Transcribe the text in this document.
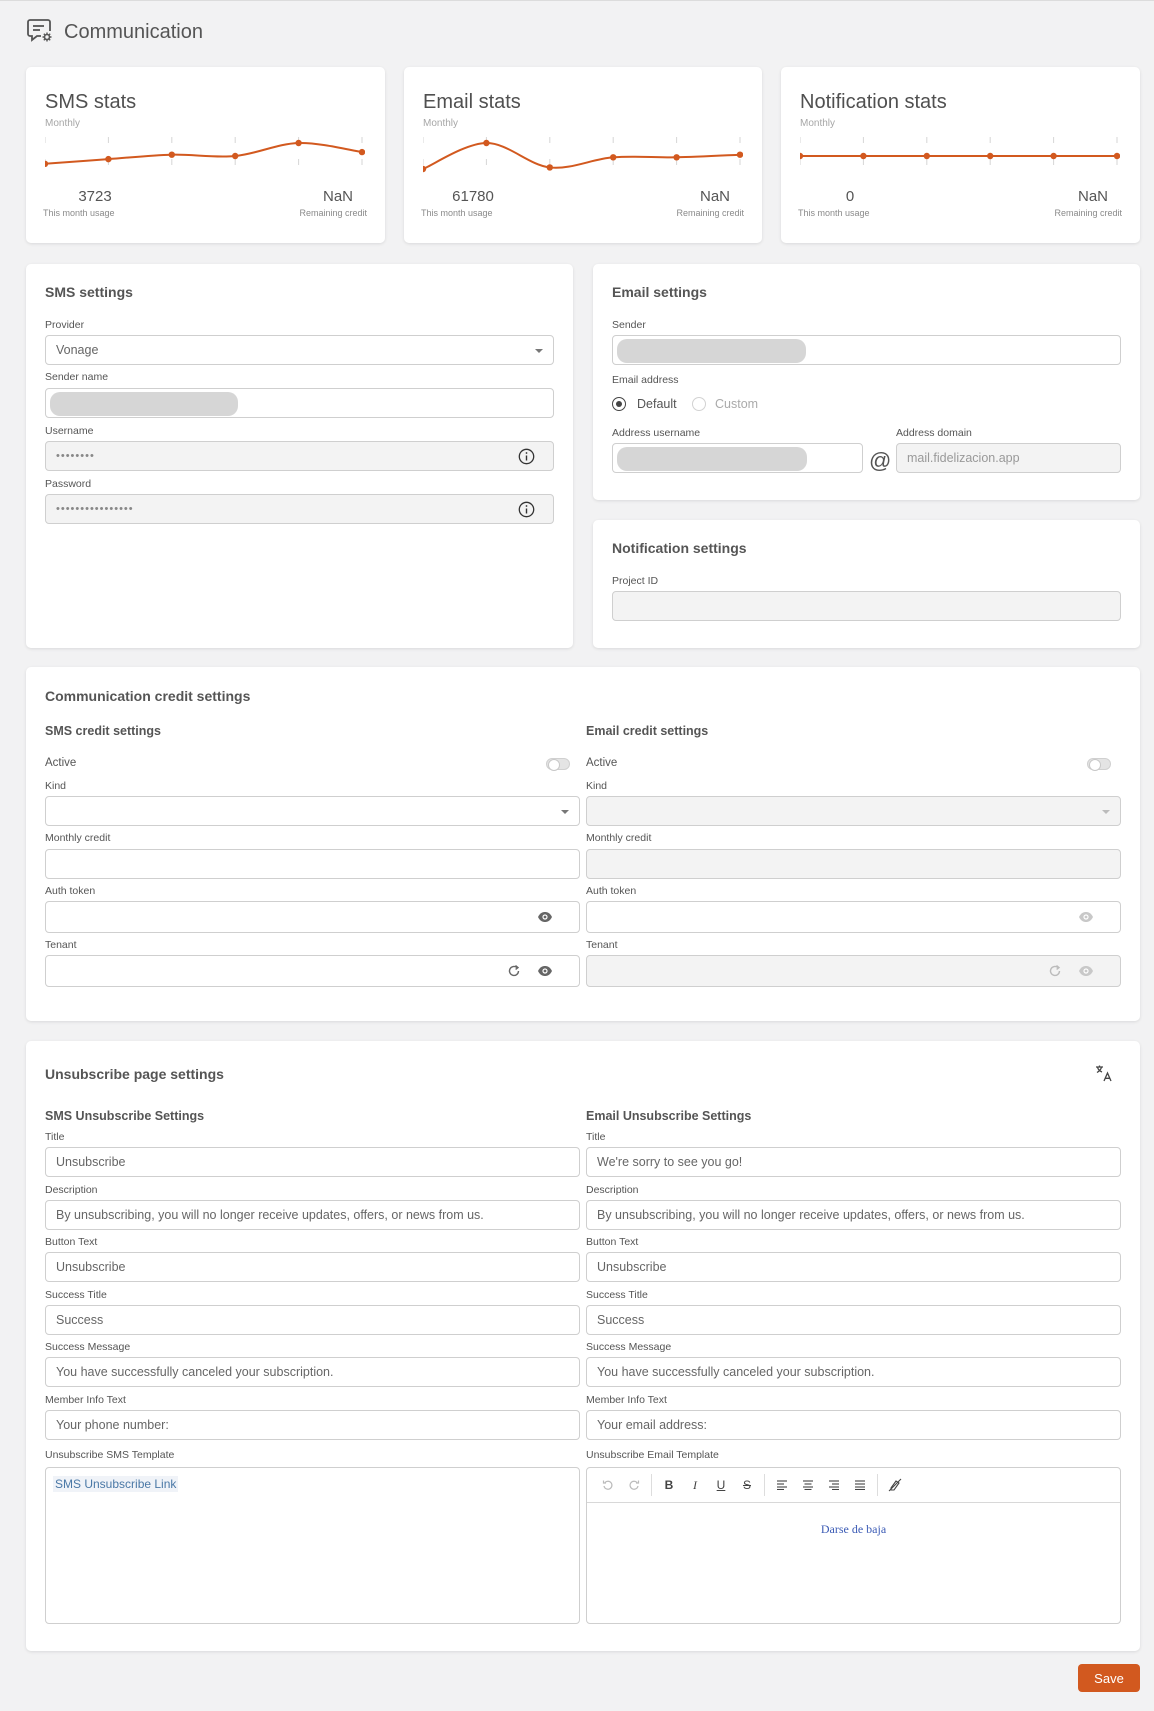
Communication
SMS stats
Monthly
3723
This month usage
NaN
Remaining credit
Email stats
Monthly
61780
This month usage
NaN
Remaining credit
Notification stats
Monthly
0
This month usage
NaN
Remaining credit
SMS settings
Provider
Vonage
Sender name
Username
••••••••
Password
••••••••••••••••
Email settings
Sender
Email address
Default	Custom
Address username
@
Address domain
mail.fidelizacion.app
Notification settings
Project ID
Communication credit settings
SMS credit settings
Active
Kind
Monthly credit
Auth token
Tenant
Email credit settings
Active
Kind
Monthly credit
Auth token
Tenant
Unsubscribe page settings
SMS Unsubscribe Settings
Title
Unsubscribe
Description
By unsubscribing, you will no longer receive updates, offers, or news from us.
Button Text
Unsubscribe
Success Title
Success
Success Message
You have successfully canceled your subscription.
Member Info Text
Your phone number:
Unsubscribe SMS Template
SMS Unsubscribe Link
Email Unsubscribe Settings
Title
We're sorry to see you go!
Description
By unsubscribing, you will no longer receive updates, offers, or news from us.
Button Text
Unsubscribe
Success Title
Success
Success Message
You have successfully canceled your subscription.
Member Info Text
Your email address:
Unsubscribe Email Template
B	I	U	S
Darse de baja
Save
